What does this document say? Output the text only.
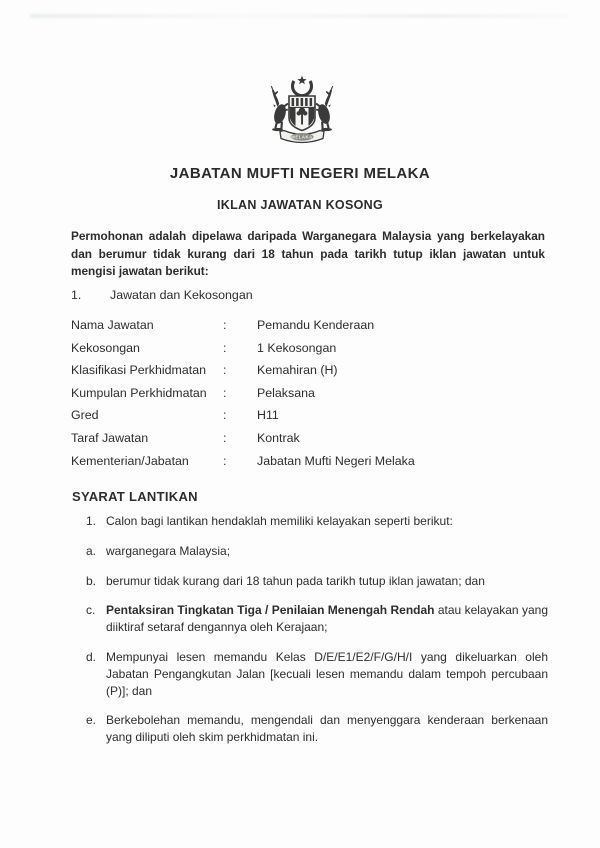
MELAKA
JABATAN MUFTI NEGERI MELAKA
IKLAN JAWATAN KOSONG

Permohonan adalah dipelawa daripada Warganegara Malaysia yang berkelayakan dan berumur tidak kurang dari 18 tahun pada tarikh tutup iklan jawatan untuk mengisi jawatan berikut:

1. Jawatan dan Kekosongan
Nama Jawatan	:	Pemandu Kenderaan
Kekosongan	:	1 Kekosongan
Klasifikasi Perkhidmatan	:	Kemahiran (H)
Kumpulan Perkhidmatan	:	Pelaksana
Gred	:	H11
Taraf Jawatan	:	Kontrak
Kementerian/Jabatan	:	Jabatan Mufti Negeri Melaka
SYARAT LANTIKAN
1. Calon bagi lantikan hendaklah memiliki kelayakan seperti berikut:
a. warganegara Malaysia;
b. berumur tidak kurang dari 18 tahun pada tarikh tutup iklan jawatan; dan
c. Pentaksiran Tingkatan Tiga / Penilaian Menengah Rendah atau kelayakan yang diiktiraf setaraf dengannya oleh Kerajaan;
d. Mempunyai lesen memandu Kelas D/E/E1/E2/F/G/H/I yang dikeluarkan oleh Jabatan Pengangkutan Jalan [kecuali lesen memandu dalam tempoh percubaan (P)]; dan
e. Berkebolehan memandu, mengendali dan menyenggara kenderaan berkenaan yang diliputi oleh skim perkhidmatan ini.
